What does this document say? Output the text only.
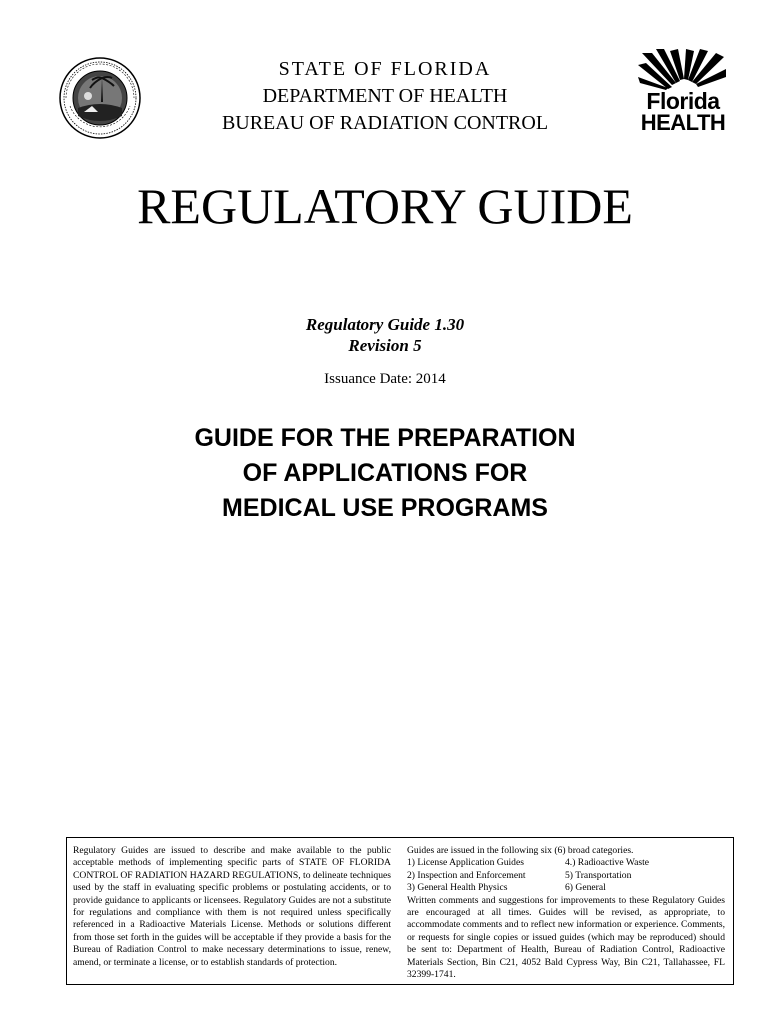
STATE OF FLORIDA
DEPARTMENT OF HEALTH
BUREAU OF RADIATION CONTROL
Florida
HEALTH
REGULATORY GUIDE
Regulatory Guide 1.30
Revision 5
Issuance Date: 2014
GUIDE FOR THE PREPARATION
OF APPLICATIONS FOR
MEDICAL USE PROGRAMS
Regulatory Guides are issued to describe and make available to the public acceptable methods of implementing specific parts of STATE OF FLORIDA CONTROL OF RADIATION HAZARD REGULATIONS, to delineate techniques used by the staff in evaluating specific problems or postulating accidents, or to provide guidance to applicants or licensees. Regulatory Guides are not a substitute for regulations and compliance with them is not required unless specifically referenced in a Radioactive Materials License. Methods or solutions different from those set forth in the guides will be acceptable if they provide a basis for the Bureau of Radiation Control to make necessary determinations to issue, renew, amend, or terminate a license, or to establish standards of protection.
Guides are issued in the following six (6) broad categories.
1) License Application Guides	4.) Radioactive Waste
2) Inspection and Enforcement	5) Transportation
3) General Health Physics	6) General
Written comments and suggestions for improvements to these Regulatory Guides are encouraged at all times. Guides will be revised, as appropriate, to accommodate comments and to reflect new information or experience. Comments, or requests for single copies or issued guides (which may be reproduced) should be sent to: Department of Health, Bureau of Radiation Control, Radioactive Materials Section, Bin C21, 4052 Bald Cypress Way, Bin C21, Tallahassee, FL 32399-1741.
